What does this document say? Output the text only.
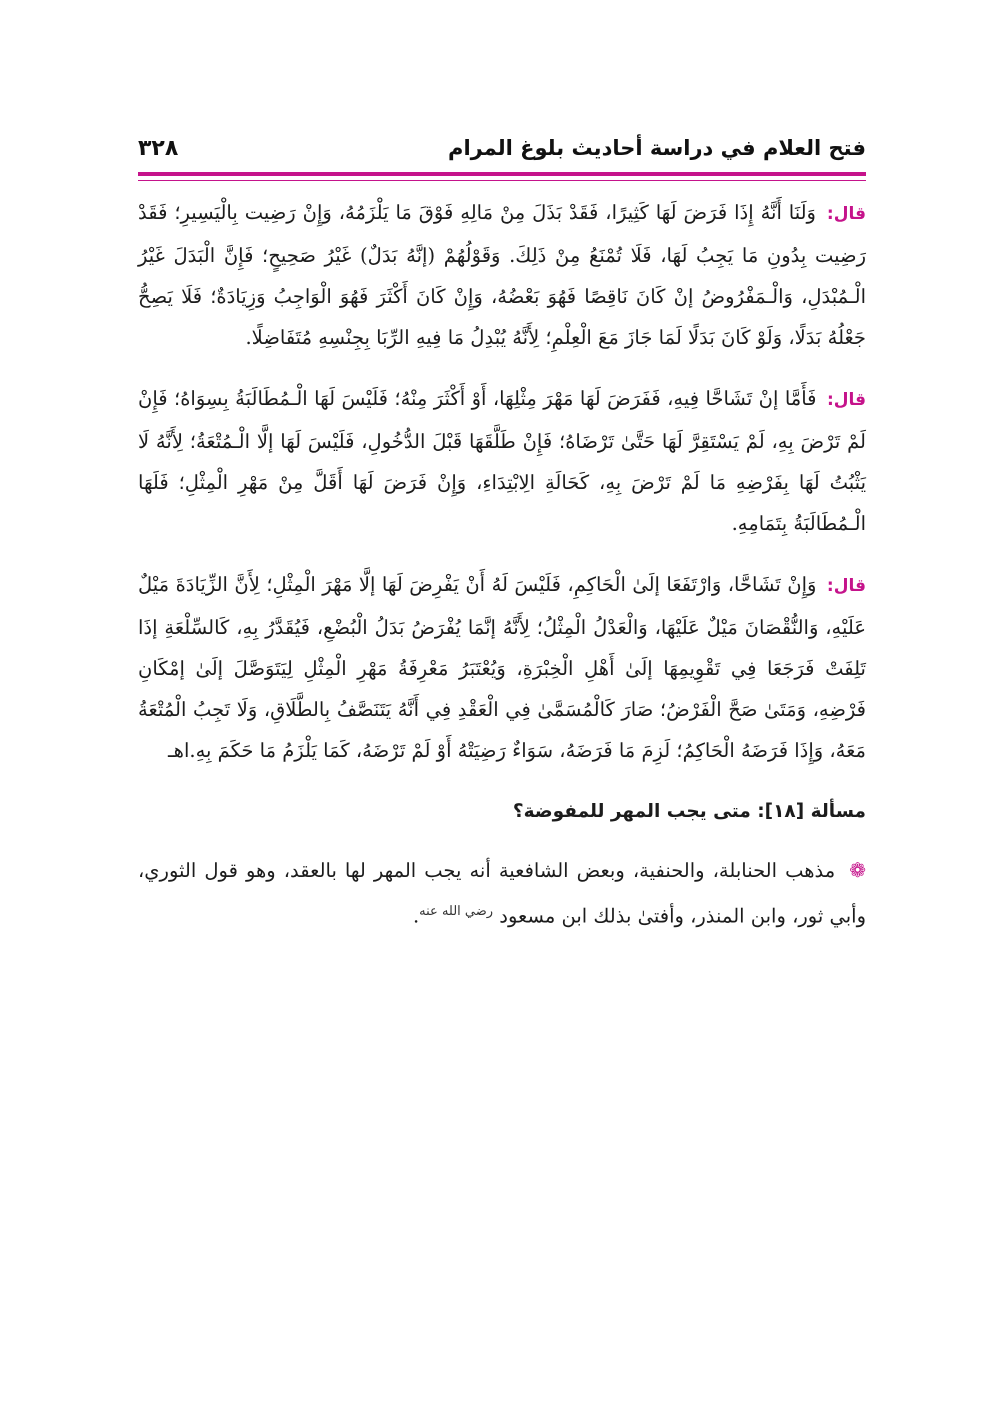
فتح العلام في دراسة أحاديث بلوغ المرام
٣٢٨

قال: وَلَنَا أَنَّهُ إِذَا فَرَضَ لَهَا كَثِيرًا، فَقَدْ بَذَلَ مِنْ مَالِهِ فَوْقَ مَا يَلْزَمُهُ، وَإِنْ رَضِيت بِالْيَسِيرِ؛ فَقَدْ رَضِيت بِدُونِ مَا يَجِبُ لَهَا، فَلَا تُمْنَعُ مِنْ ذَلِكَ. وَقَوْلُهُمْ (إنَّهُ بَدَلٌ) غَيْرُ صَحِيحٍ؛ فَإِنَّ الْبَدَلَ غَيْرُ الْـمُبْدَلِ، وَالْـمَفْرُوضُ إنْ كَانَ نَاقِصًا فَهُوَ بَعْضُهُ، وَإِنْ كَانَ أَكْثَرَ فَهُوَ الْوَاجِبُ وَزِيَادَةٌ؛ فَلَا يَصِحُّ جَعْلُهُ بَدَلًا، وَلَوْ كَانَ بَدَلًا لَمَا جَازَ مَعَ الْعِلْمِ؛ لِأَنَّهُ يُبْدِلُ مَا فِيهِ الرِّبَا بِجِنْسِهِ مُتَفَاضِلًا.

قال: فَأَمَّا إنْ تَشَاحَّا فِيهِ، فَفَرَضَ لَهَا مَهْرَ مِثْلِهَا، أَوْ أَكْثَرَ مِنْهُ؛ فَلَيْسَ لَهَا الْـمُطَالَبَةُ بِسِوَاهُ؛ فَإِنْ لَمْ تَرْضَ بِهِ، لَمْ يَسْتَقِرَّ لَهَا حَتَّىٰ تَرْضَاهُ؛ فَإِنْ طَلَّقَهَا قَبْلَ الدُّخُولِ، فَلَيْسَ لَهَا إلَّا الْـمُتْعَةُ؛ لِأَنَّهُ لَا يَثْبُتُ لَهَا بِفَرْضِهِ مَا لَمْ تَرْضَ بِهِ، كَحَالَةِ الِابْتِدَاءِ، وَإِنْ فَرَضَ لَهَا أَقَلَّ مِنْ مَهْرِ الْمِثْلِ؛ فَلَهَا الْـمُطَالَبَةُ بِتَمَامِهِ.

قال: وَإِنْ تَشَاحَّا، وَارْتَفَعَا إلَىٰ الْحَاكِمِ، فَلَيْسَ لَهُ أَنْ يَفْرِضَ لَهَا إلَّا مَهْرَ الْمِثْلِ؛ لِأَنَّ الزِّيَادَةَ مَيْلٌ عَلَيْهِ، وَالنُّقْصَانَ مَيْلٌ عَلَيْهَا، وَالْعَدْلُ الْمِثْلُ؛ لِأَنَّهُ إنَّمَا يُفْرَضُ بَدَلُ الْبُضْعِ، فَيُقَدَّرُ بِهِ، كَالسِّلْعَةِ إذَا تَلِفَتْ فَرَجَعَا فِي تَقْوِيمِهَا إلَىٰ أَهْلِ الْخِبْرَةِ، وَيُعْتَبَرُ مَعْرِفَةُ مَهْرِ الْمِثْلِ لِيَتَوَصَّلَ إلَىٰ إمْكَانِ فَرْضِهِ، وَمَتَىٰ صَحَّ الْفَرْضُ؛ صَارَ كَالْمُسَمَّىٰ فِي الْعَقْدِ فِي أَنَّهُ يَتَنَصَّفُ بِالطَّلَاقِ، وَلَا تَجِبُ الْمُتْعَةُ مَعَهُ، وَإِذَا فَرَضَهُ الْحَاكِمُ؛ لَزِمَ مَا فَرَضَهُ، سَوَاءٌ رَضِيَتْهُ أَوْ لَمْ تَرْضَهُ، كَمَا يَلْزَمُ مَا حَكَمَ بِهِ.اهـ

مسألة [١٨]: متى يجب المهر للمفوضة؟

❁ مذهب الحنابلة، والحنفية، وبعض الشافعية أنه يجب المهر لها بالعقد، وهو قول الثوري، وأبي ثور، وابن المنذر، وأفتىٰ بذلك ابن مسعود $^{رضي الله عنه}$.
